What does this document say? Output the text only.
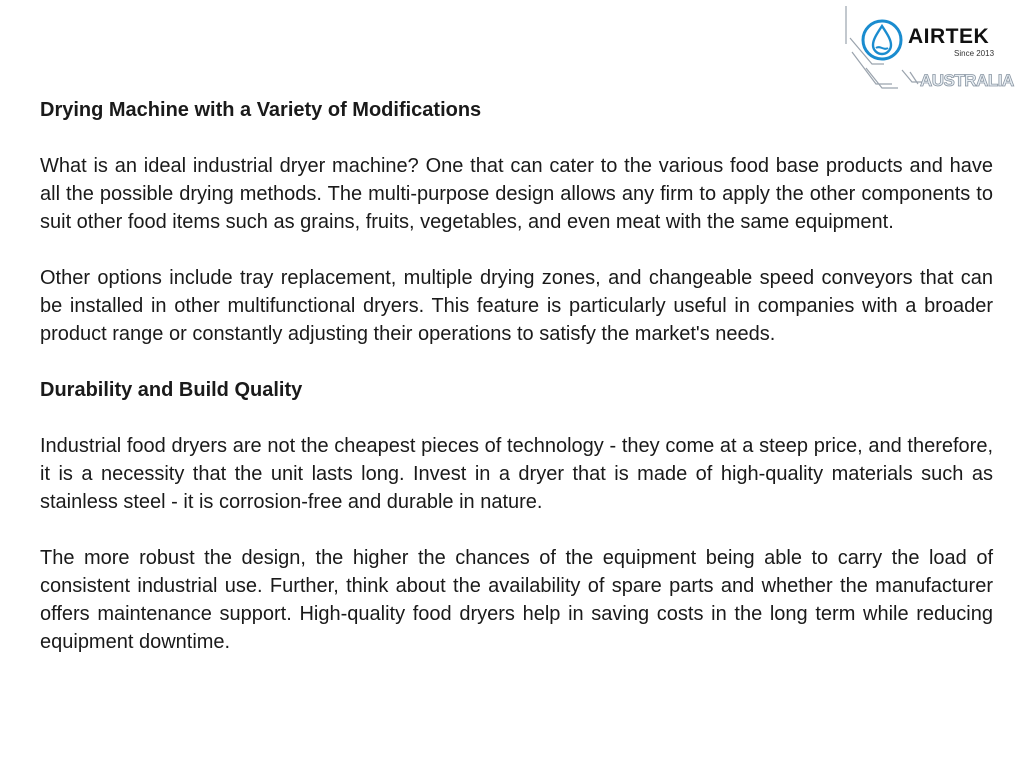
AIRTEK
Since 2013
AUSTRALIA
Drying Machine with a Variety of Modifications

What is an ideal industrial dryer machine? One that can cater to the various food base products and have all the possible drying methods. The multi-purpose design allows any firm to apply the other components to suit other food items such as grains, fruits, vegetables, and even meat with the same equipment.

Other options include tray replacement, multiple drying zones, and changeable speed conveyors that can be installed in other multifunctional dryers. This feature is particularly useful in companies with a broader product range or constantly adjusting their operations to satisfy the market's needs.

Durability and Build Quality

Industrial food dryers are not the cheapest pieces of technology - they come at a steep price, and therefore, it is a necessity that the unit lasts long. Invest in a dryer that is made of high-quality materials such as stainless steel - it is corrosion-free and durable in nature.

The more robust the design, the higher the chances of the equipment being able to carry the load of consistent industrial use. Further, think about the availability of spare parts and whether the manufacturer offers maintenance support. High-quality food dryers help in saving costs in the long term while reducing equipment downtime.
